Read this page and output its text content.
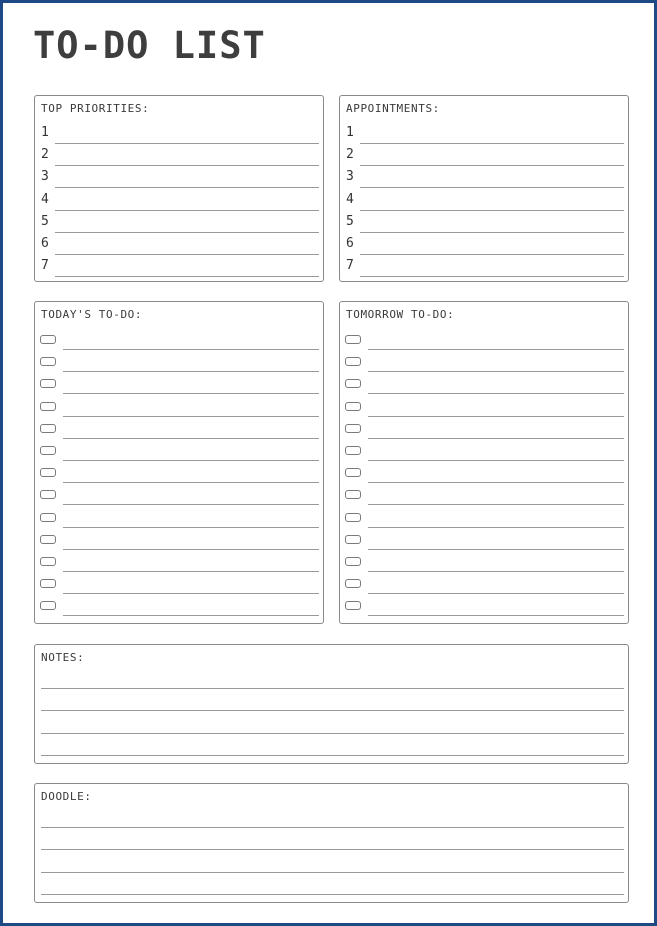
TO-DO LIST
TOP PRIORITIES:
1
2
3
4
5
6
7
APPOINTMENTS:
1
2
3
4
5
6
7
TODAY'S TO-DO:	TOMORROW TO-DO:
NOTES:
DOODLE:
